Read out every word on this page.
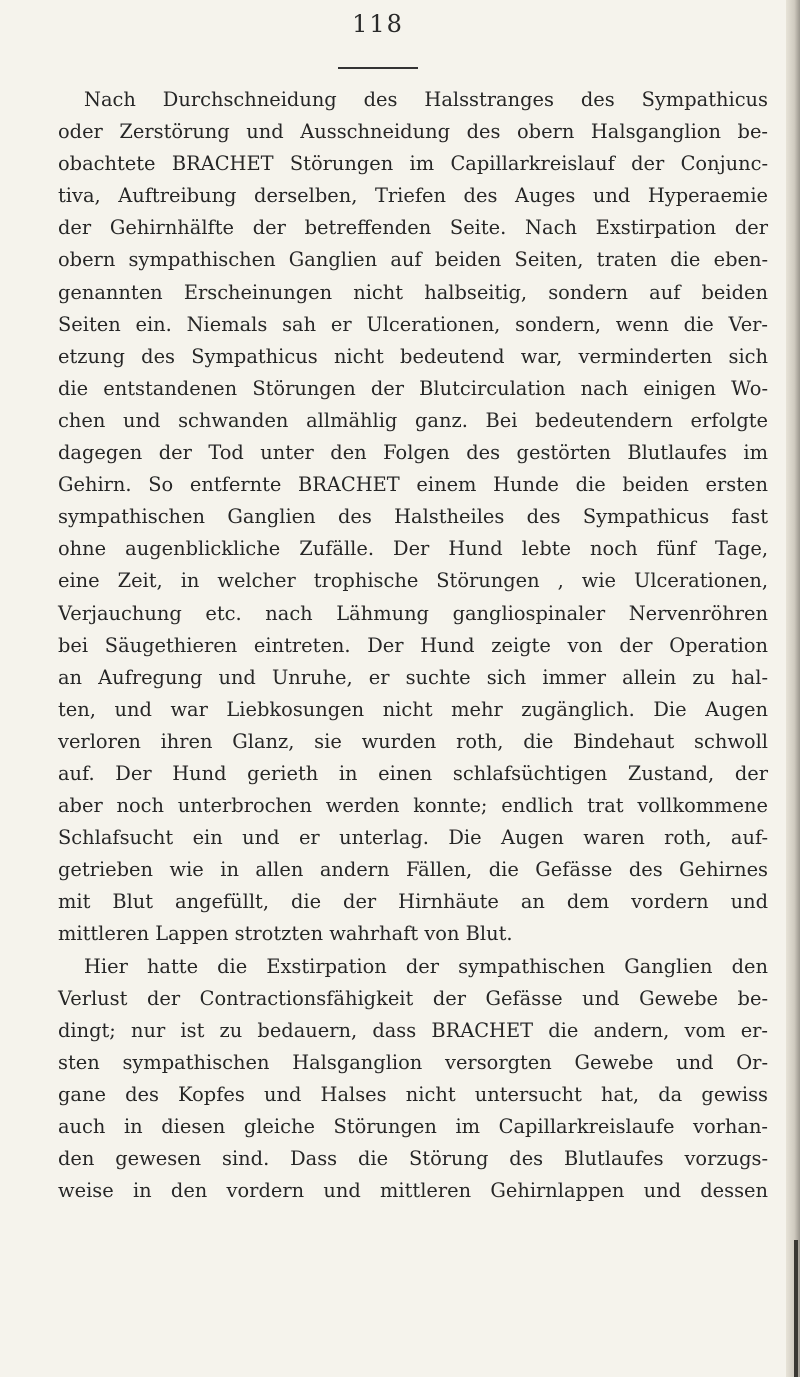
118

Nach Durchschneidung des Halsstranges des Sympathicus
oder Zerstörung und Ausschneidung des obern Halsganglion be-
obachtete BRACHET Störungen im Capillarkreislauf der Conjunc-
tiva, Auftreibung derselben, Triefen des Auges und Hyperaemie
der Gehirnhälfte der betreffenden Seite. Nach Exstirpation der
obern sympathischen Ganglien auf beiden Seiten, traten die eben-
genannten Erscheinungen nicht halbseitig, sondern auf beiden
Seiten ein. Niemals sah er Ulcerationen, sondern, wenn die Ver-
etzung des Sympathicus nicht bedeutend war, verminderten sich
die entstandenen Störungen der Blutcirculation nach einigen Wo-
chen und schwanden allmählig ganz. Bei bedeutendern erfolgte
dagegen der Tod unter den Folgen des gestörten Blutlaufes im
Gehirn. So entfernte BRACHET einem Hunde die beiden ersten
sympathischen Ganglien des Halstheiles des Sympathicus fast
ohne augenblickliche Zufälle. Der Hund lebte noch fünf Tage,
eine Zeit, in welcher trophische Störungen , wie Ulcerationen,
Verjauchung etc. nach Lähmung gangliospinaler Nervenröhren
bei Säugethieren eintreten. Der Hund zeigte von der Operation
an Aufregung und Unruhe, er suchte sich immer allein zu hal-
ten, und war Liebkosungen nicht mehr zugänglich. Die Augen
verloren ihren Glanz, sie wurden roth, die Bindehaut schwoll
auf. Der Hund gerieth in einen schlafsüchtigen Zustand, der
aber noch unterbrochen werden konnte; endlich trat vollkommene
Schlafsucht ein und er unterlag. Die Augen waren roth, auf-
getrieben wie in allen andern Fällen, die Gefässe des Gehirnes
mit Blut angefüllt, die der Hirnhäute an dem vordern und
mittleren Lappen strotzten wahrhaft von Blut.

Hier hatte die Exstirpation der sympathischen Ganglien den
Verlust der Contractionsfähigkeit der Gefässe und Gewebe be-
dingt; nur ist zu bedauern, dass BRACHET die andern, vom er-
sten sympathischen Halsganglion versorgten Gewebe und Or-
gane des Kopfes und Halses nicht untersucht hat, da gewiss
auch in diesen gleiche Störungen im Capillarkreislaufe vorhan-
den gewesen sind. Dass die Störung des Blutlaufes vorzugs-
weise in den vordern und mittleren Gehirnlappen und dessen
